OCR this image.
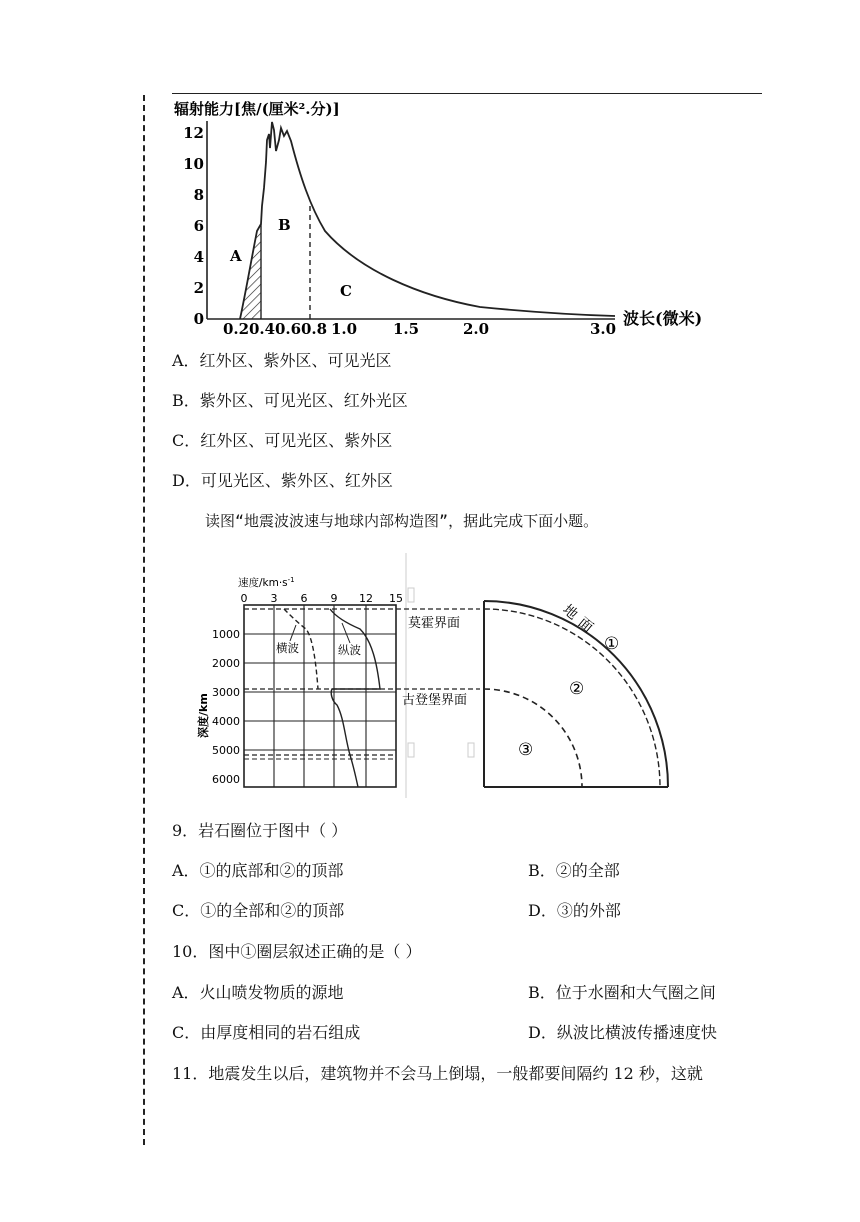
辐射能力[焦/(厘米².分)]
0
2
4
6
8
10
12
0.2 0.4 0.6 0.8 1.0 1.5	2.0	3.0
波长(微米)
A
B
C
A．红外区、紫外区、可见光区
B．紫外区、可见光区、红外光区
C．红外区、可见光区、紫外区
D．可见光区、紫外区、红外区
读图“地震波波速与地球内部构造图”，据此完成下面小题。
速度$/km\cdot s^{-1}$
0 3 6 9 12 15
深度/km
1000
2000
3000
4000
5000
6000
横波	纵波
莫霍界面
古登堡界面
地面
①
②
③
9．岩石圈位于图中（ ）
A．①的底部和②的顶部	B．②的全部
C．①的全部和②的顶部	D．③的外部
10．图中①圈层叙述正确的是（ ）
A．火山喷发物质的源地	B．位于水圈和大气圈之间
C．由厚度相同的岩石组成	D．纵波比横波传播速度快
11．地震发生以后，建筑物并不会马上倒塌，一般都要间隔约 12 秒，这就
